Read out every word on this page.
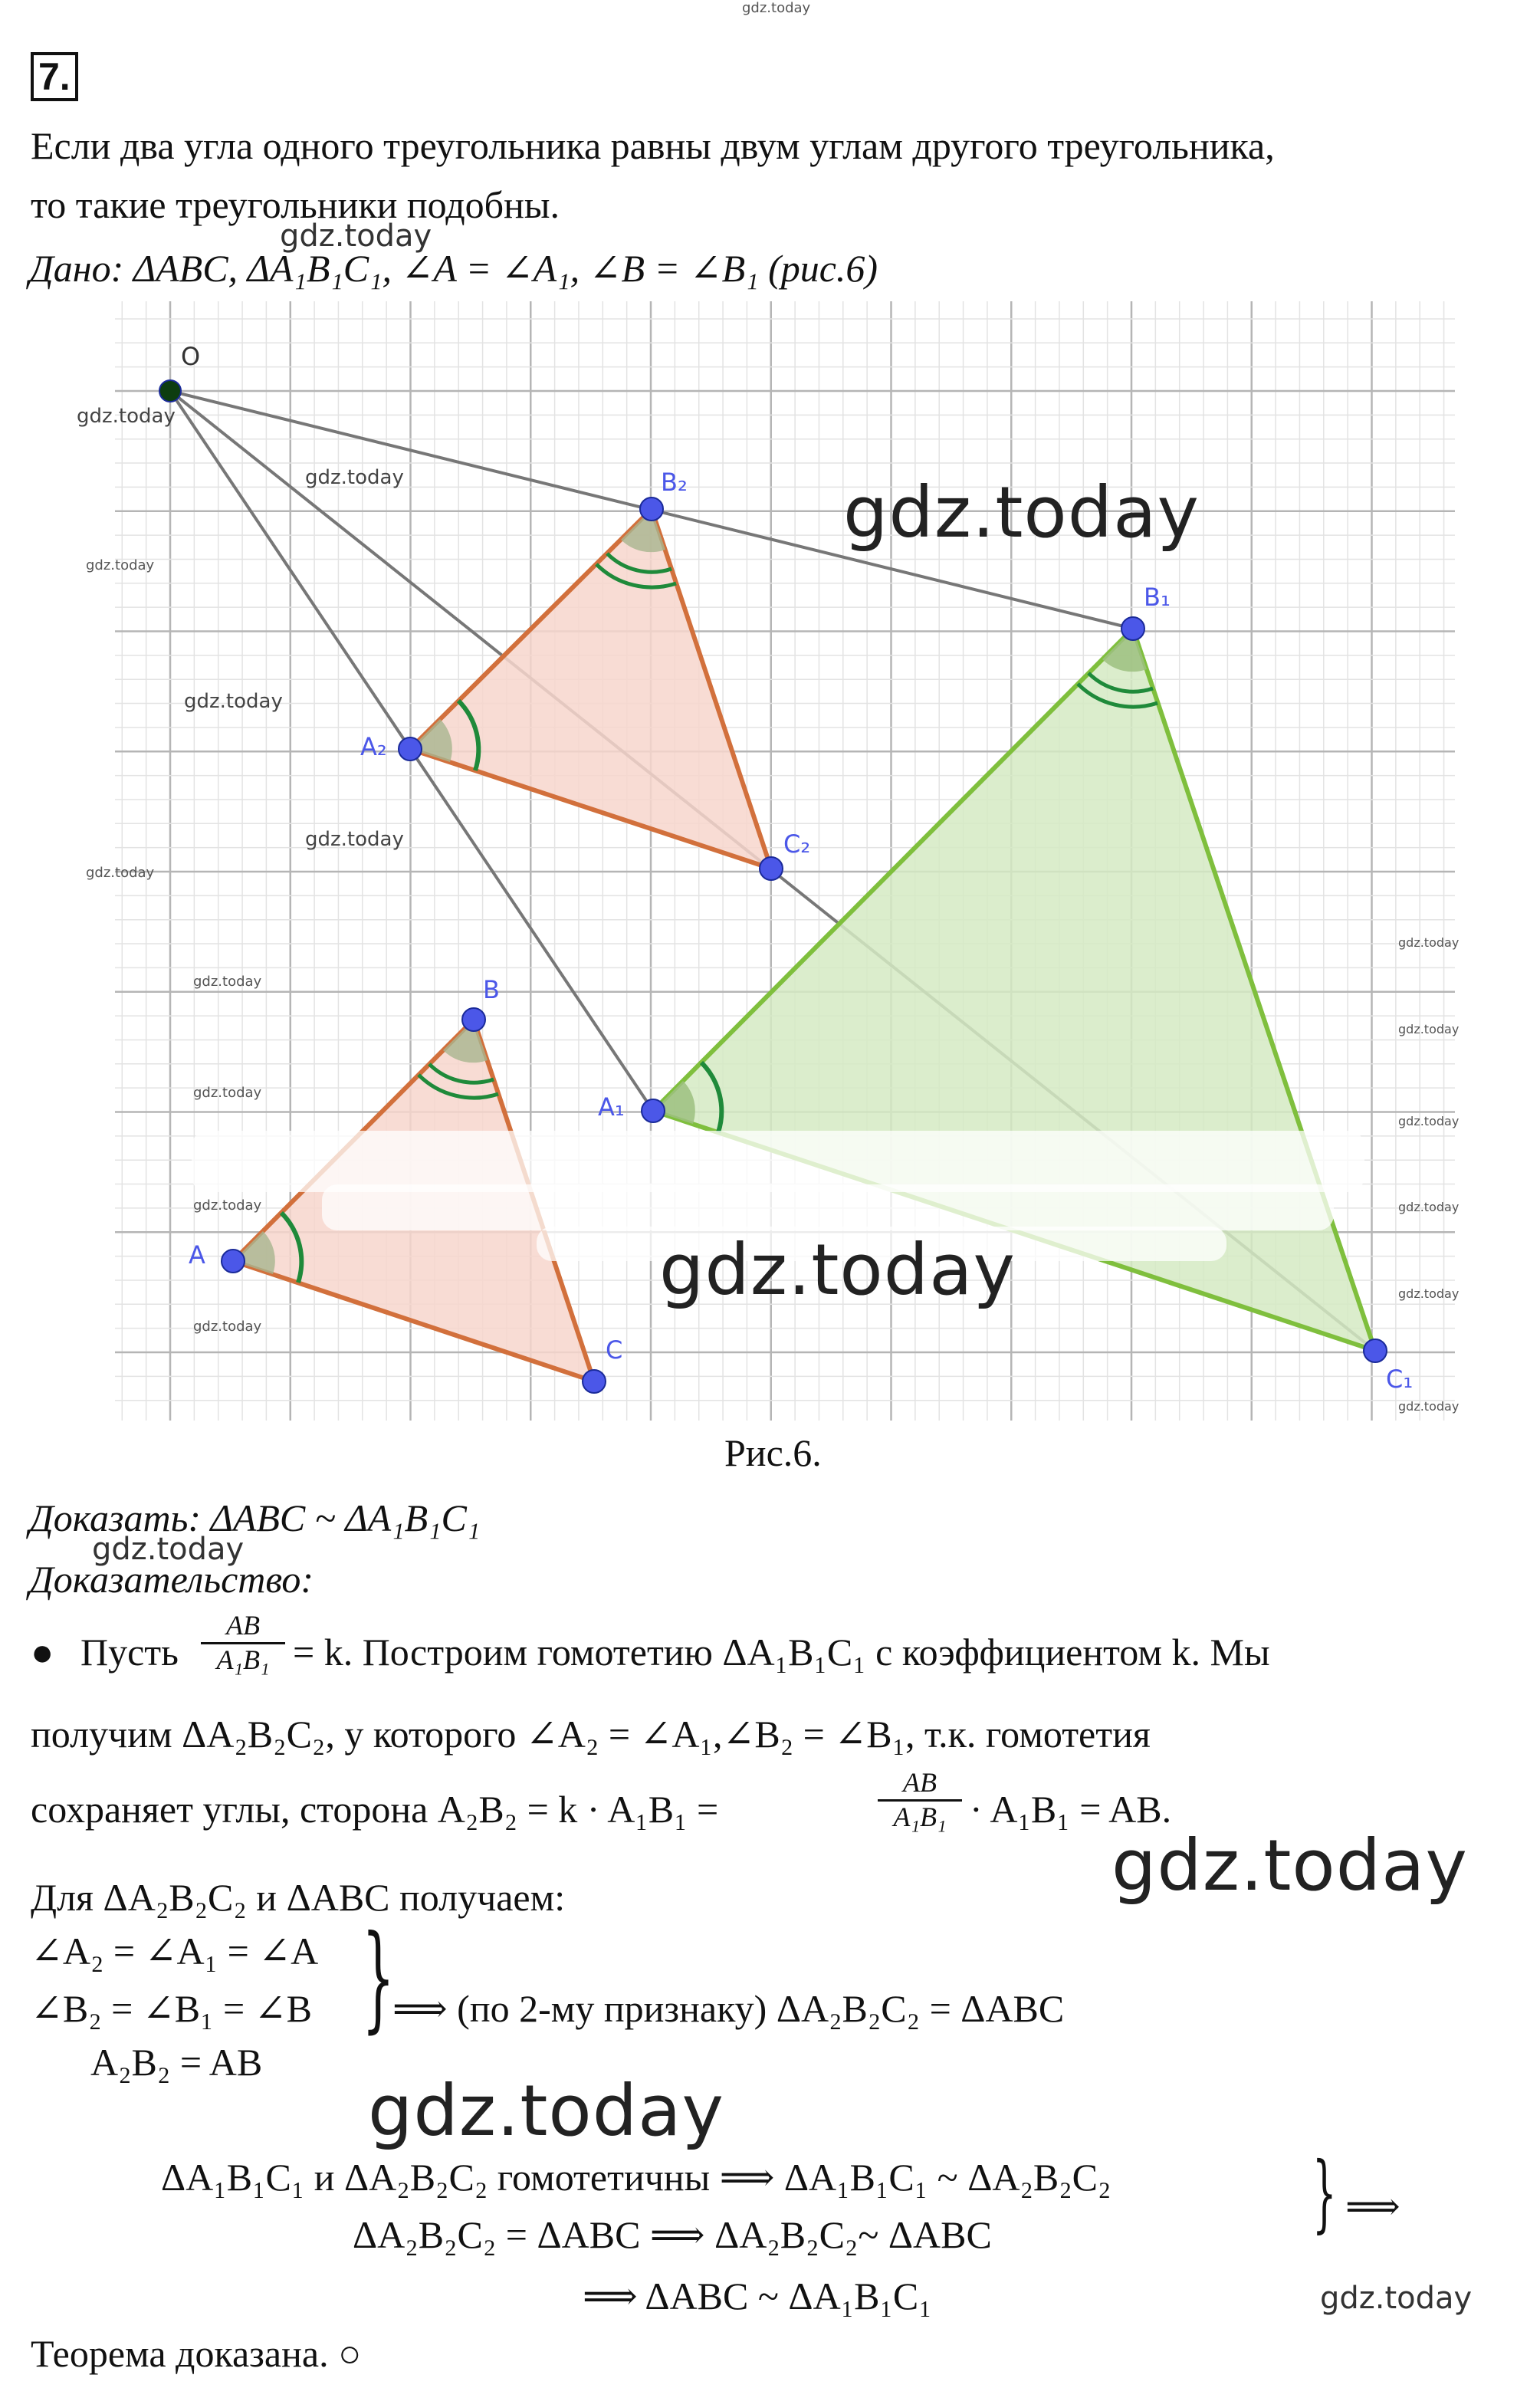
gdz.today
7.
Если два угла одного треугольника равны двум углам другого треугольника,
то такие треугольники подобны.
gdz.today
Дано: ΔABC, ΔA₁B₁C₁, ∠A = ∠A₁, ∠B = ∠B₁ (рис.6)
O
A
B
C
A₂
B₂
C₂
A₁
B₁
C₁
gdz.today
gdz.today
gdz.today
gdz.today
gdz.today
gdz.today
gdz.today
gdz.today
gdz.today
gdz.today
gdz.today
gdz.today
gdz.today
gdz.today
gdz.today
gdz.today
gdz.today
gdz.today
Рис.6.
Доказать: ΔABC ~ ΔA₁B₁C₁
gdz.today
Доказательство:
● Пусть $\frac{AB}{\text{A₁B₁}} = k$. Построим гомотетию ΔA₁B₁C₁ с коэффициентом k. Мы
получим ΔA₂B₂C₂, у которого ∠A₂ = ∠A₁,∠B₂ = ∠B₁, т.к. гомотетия
сохраняет углы, сторона A₂B₂ = k · A₁B₁ =	$\frac{AB}{\text{A₁B₁}} \cdot A_1B_1$ = AB.
gdz.today
Для ΔA₂B₂C₂ и ΔABC получаем:
∠A₂ = ∠A₁ = ∠A
∠B₂ = ∠B₁ = ∠B
A₂B₂ = AB
}
⟹ (по 2-му признаку) ΔA₂B₂C₂ = ΔABC
gdz.today
ΔA₁B₁C₁ и ΔA₂B₂C₂ гомотетичны ⟹ ΔA₁B₁C₁ ~ ΔA₂B₂C₂
ΔA₂B₂C₂ = ΔABC ⟹ ΔA₂B₂C₂~ ΔABC	} ⟹
⟹ ΔABC ~ ΔA₁B₁C₁	gdz.today
Теорема доказана. ○
